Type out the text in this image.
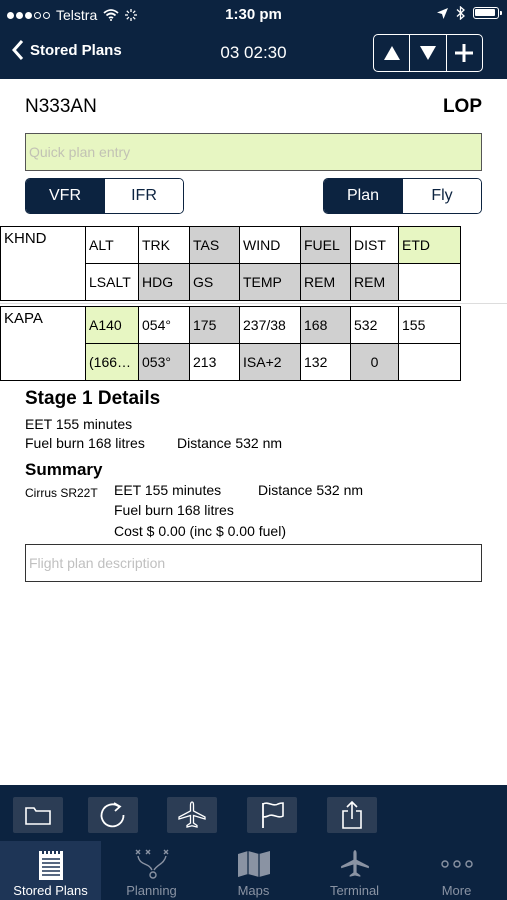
Telstra	1:30 pm
Stored Plans	03 02:30
N333AN	LOP
Quick plan entry
VFR	IFR	Plan	Fly
KHND	ALT	TRK	TAS	WIND	FUEL	DIST	ETD
	LSALT	HDG	GS	TEMP	REM	REM	
KAPA	A140	054°	175	237/38	168	532	155
	(166…	053°	213	ISA+2	132	0	
Stage 1 Details
EET 155 minutes
Fuel burn 168 litres Distance 532 nm
Summary
Cirrus SR22T EET 155 minutes	Distance 532 nm
Fuel burn 168 litres
Cost $ 0.00 (inc $ 0.00 fuel)
Flight plan description
Stored Plans	Planning	Maps	Terminal	More
